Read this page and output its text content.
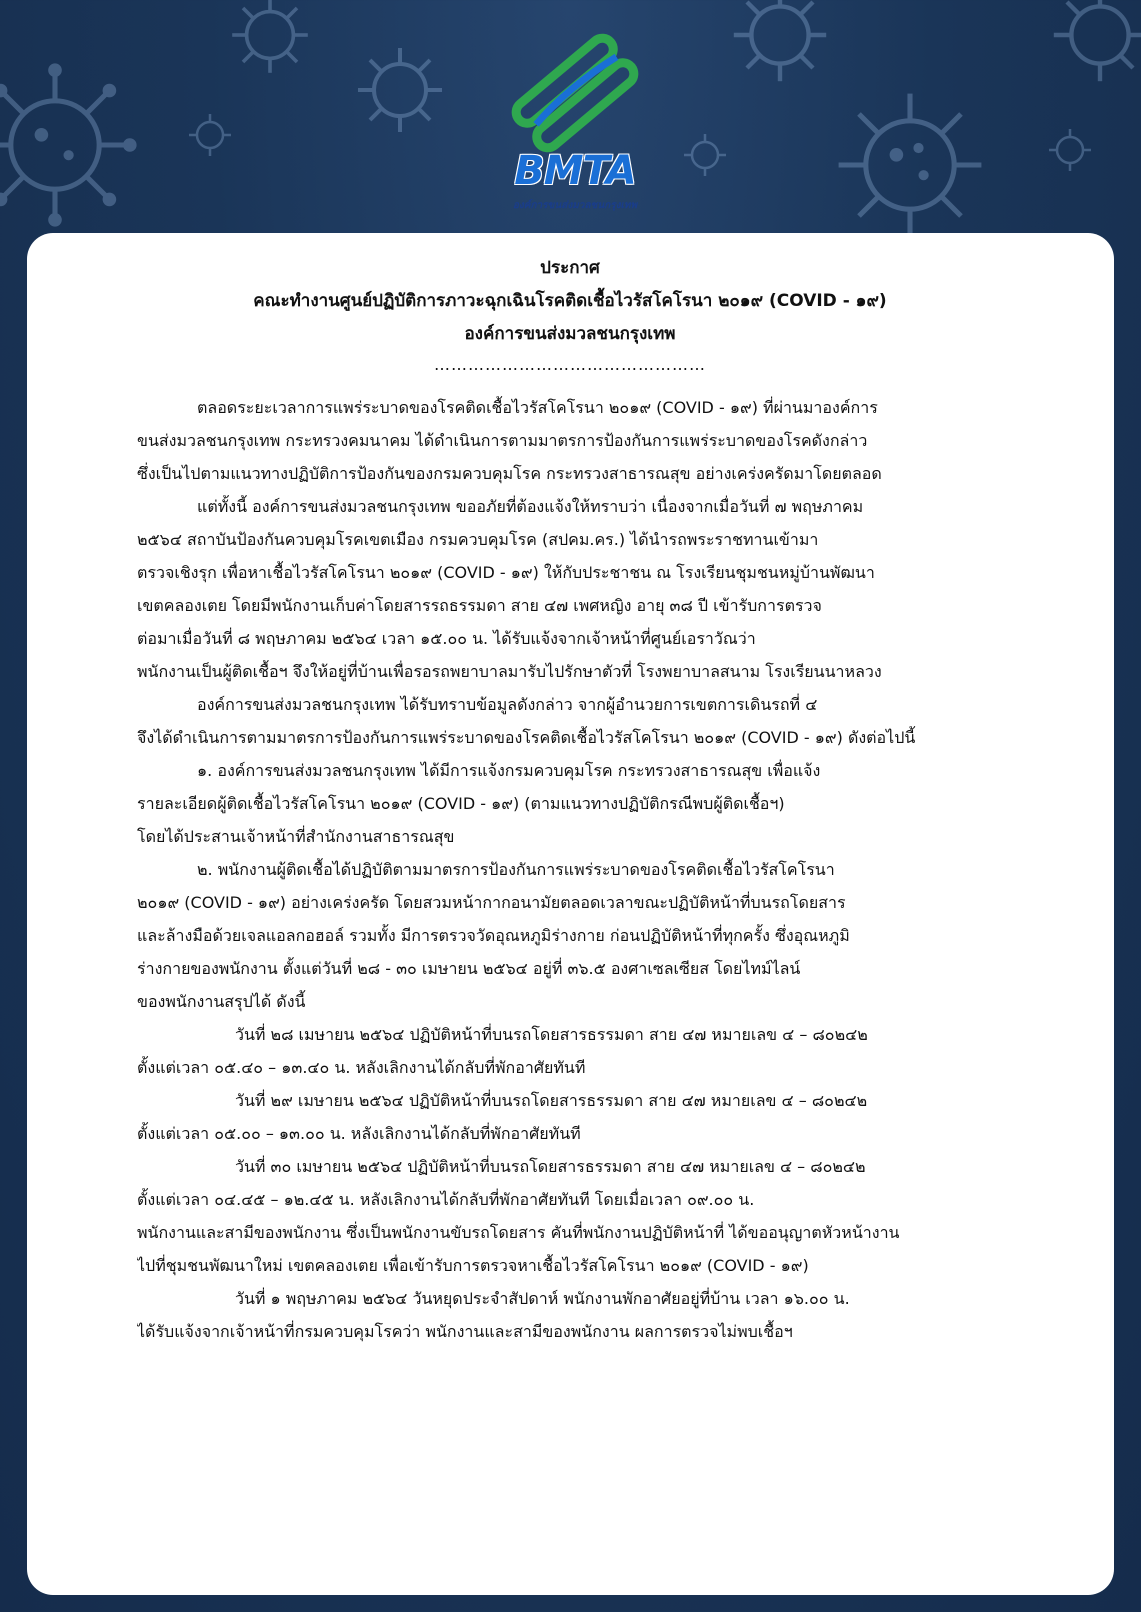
BMTA
องค์การขนส่งมวลชนกรุงเทพ
ประกาศ
คณะทำงานศูนย์ปฏิบัติการภาวะฉุกเฉินโรคติดเชื้อไวรัสโคโรนา ๒๐๑๙ (COVID - ๑๙)
องค์การขนส่งมวลชนกรุงเทพ
…………………………………………
ตลอดระยะเวลาการแพร่ระบาดของโรคติดเชื้อไวรัสโคโรนา ๒๐๑๙ (COVID - ๑๙) ที่ผ่านมาองค์การ
ขนส่งมวลชนกรุงเทพ กระทรวงคมนาคม ได้ดำเนินการตามมาตรการป้องกันการแพร่ระบาดของโรคดังกล่าว
ซึ่งเป็นไปตามแนวทางปฏิบัติการป้องกันของกรมควบคุมโรค กระทรวงสาธารณสุข อย่างเคร่งครัดมาโดยตลอด
แต่ทั้งนี้ องค์การขนส่งมวลชนกรุงเทพ ขออภัยที่ต้องแจ้งให้ทราบว่า เนื่องจากเมื่อวันที่ ๗ พฤษภาคม
๒๕๖๔ สถาบันป้องกันควบคุมโรคเขตเมือง กรมควบคุมโรค (สปคม.คร.) ได้นำรถพระราชทานเข้ามา
ตรวจเชิงรุก เพื่อหาเชื้อไวรัสโคโรนา ๒๐๑๙ (COVID - ๑๙) ให้กับประชาชน ณ โรงเรียนชุมชนหมู่บ้านพัฒนา
เขตคลองเตย โดยมีพนักงานเก็บค่าโดยสารรถธรรมดา สาย ๔๗ เพศหญิง อายุ ๓๘ ปี เข้ารับการตรวจ
ต่อมาเมื่อวันที่ ๘ พฤษภาคม ๒๕๖๔ เวลา ๑๕.๐๐ น. ได้รับแจ้งจากเจ้าหน้าที่ศูนย์เอราวัณว่า
พนักงานเป็นผู้ติดเชื้อฯ จึงให้อยู่ที่บ้านเพื่อรอรถพยาบาลมารับไปรักษาตัวที่ โรงพยาบาลสนาม โรงเรียนนาหลวง
องค์การขนส่งมวลชนกรุงเทพ ได้รับทราบข้อมูลดังกล่าว จากผู้อำนวยการเขตการเดินรถที่ ๔
จึงได้ดำเนินการตามมาตรการป้องกันการแพร่ระบาดของโรคติดเชื้อไวรัสโคโรนา ๒๐๑๙ (COVID - ๑๙) ดังต่อไปนี้
๑. องค์การขนส่งมวลชนกรุงเทพ ได้มีการแจ้งกรมควบคุมโรค กระทรวงสาธารณสุข เพื่อแจ้ง
รายละเอียดผู้ติดเชื้อไวรัสโคโรนา ๒๐๑๙ (COVID - ๑๙) (ตามแนวทางปฏิบัติกรณีพบผู้ติดเชื้อฯ)
โดยได้ประสานเจ้าหน้าที่สำนักงานสาธารณสุข
๒. พนักงานผู้ติดเชื้อได้ปฏิบัติตามมาตรการป้องกันการแพร่ระบาดของโรคติดเชื้อไวรัสโคโรนา
๒๐๑๙ (COVID - ๑๙) อย่างเคร่งครัด โดยสวมหน้ากากอนามัยตลอดเวลาขณะปฏิบัติหน้าที่บนรถโดยสาร
และล้างมือด้วยเจลแอลกอฮอล์ รวมทั้ง มีการตรวจวัดอุณหภูมิร่างกาย ก่อนปฏิบัติหน้าที่ทุกครั้ง ซึ่งอุณหภูมิ
ร่างกายของพนักงาน ตั้งแต่วันที่ ๒๘ - ๓๐ เมษายน ๒๕๖๔ อยู่ที่ ๓๖.๕ องศาเซลเซียส โดยไทม์ไลน์
ของพนักงานสรุปได้ ดังนี้
วันที่ ๒๘ เมษายน ๒๕๖๔ ปฏิบัติหน้าที่บนรถโดยสารธรรมดา สาย ๔๗ หมายเลข ๔ – ๘๐๒๔๒
ตั้งแต่เวลา ๐๕.๔๐ – ๑๓.๔๐ น. หลังเลิกงานได้กลับที่พักอาศัยทันที
วันที่ ๒๙ เมษายน ๒๕๖๔ ปฏิบัติหน้าที่บนรถโดยสารธรรมดา สาย ๔๗ หมายเลข ๔ – ๘๐๒๔๒
ตั้งแต่เวลา ๐๕.๐๐ – ๑๓.๐๐ น. หลังเลิกงานได้กลับที่พักอาศัยทันที
วันที่ ๓๐ เมษายน ๒๕๖๔ ปฏิบัติหน้าที่บนรถโดยสารธรรมดา สาย ๔๗ หมายเลข ๔ – ๘๐๒๔๒
ตั้งแต่เวลา ๐๔.๔๕ – ๑๒.๔๕ น. หลังเลิกงานได้กลับที่พักอาศัยทันที โดยเมื่อเวลา ๐๙.๐๐ น.
พนักงานและสามีของพนักงาน ซึ่งเป็นพนักงานขับรถโดยสาร คันที่พนักงานปฏิบัติหน้าที่ ได้ขออนุญาตหัวหน้างาน
ไปที่ชุมชนพัฒนาใหม่ เขตคลองเตย เพื่อเข้ารับการตรวจหาเชื้อไวรัสโคโรนา ๒๐๑๙ (COVID - ๑๙)
วันที่ ๑ พฤษภาคม ๒๕๖๔ วันหยุดประจำสัปดาห์ พนักงานพักอาศัยอยู่ที่บ้าน เวลา ๑๖.๐๐ น.
ได้รับแจ้งจากเจ้าหน้าที่กรมควบคุมโรคว่า พนักงานและสามีของพนักงาน ผลการตรวจไม่พบเชื้อฯ
